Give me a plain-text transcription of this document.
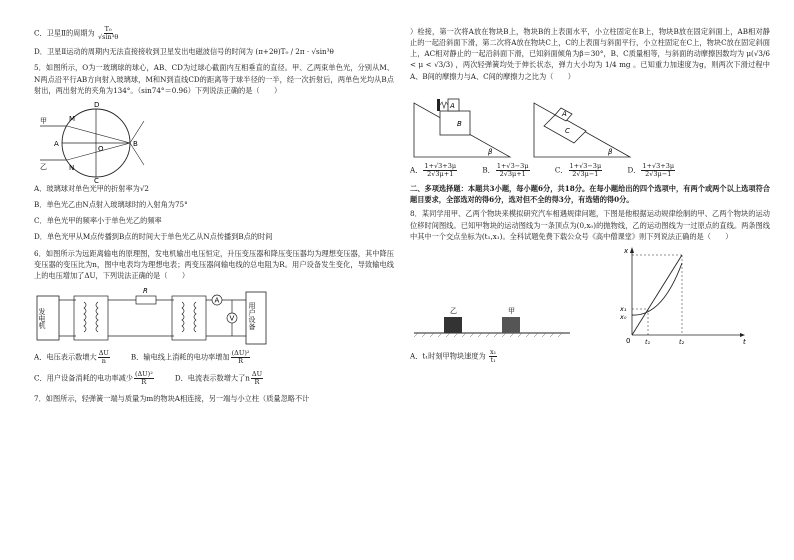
C．卫星Ⅱ的周期为 $\frac{\text{T₀}}{\text{√sin³θ}}$

D．卫星Ⅱ运动的周期内无法直接接收到卫星发出电磁波信号的时间为 (π+2θ)T₀ / 2π · √sin³θ

5．如图所示，O为一玻璃球的球心，AB、CD为过球心截面内互相垂直的直径。甲、乙两束单色光，分别从M、N两点沿平行AB方向射入玻璃球，M和N到直线CD的距离等于球半径的一半，经一次折射后，两单色光均从B点射出，两出射光的夹角为134°。（sin74°＝0.96）下列说法正确的是（　　）

D
M
A	B
O
N
C
甲
乙

A．玻璃球对单色光甲的折射率为√2

B．单色光乙由N点射入玻璃球时的入射角为75°

C．单色光甲的频率小于单色光乙的频率

D．单色光甲从M点传播到B点的时间大于单色光乙从N点传播到B点的时间

6．如图所示为远距离输电的原理图，发电机输出电压恒定，升压变压器和降压变压器均为理想变压器，其中降压变压器的变压比为n，图中电表均为理想电表；两变压器间输电线的总电阻为R。用户设备发生变化，导致输电线上的电压增加了ΔU，下列说法正确的是（　　）

发电机
R
A
V 用户设备
A．电压表示数增大 $\frac{\Delta U}{n}$	B．输电线上消耗的电功率增加 $\frac{\text{(ΔU)²}}{R}$
C．用户设备消耗的电功率减少 $\frac{\text{(ΔU)²}}{R}$	D．电流表示数增大了n $\frac{\Delta U}{R}$

7．如图所示，轻弹簧一端与质量为m的物块A相连接，另一端与小立柱（质量忽略不计

）栓接，第一次将A放在物块B上，物块B的上表面水平，小立柱固定在B上，物块B放在固定斜面上，AB相对静止的一起沿斜面下滑，第二次将A放在物块C上，C的上表面与斜面平行，小立柱固定在C上，物块C放在固定斜面上，AC相对静止的一起沿斜面下滑，已知斜面倾角为β＝30°，B、C质量相等，与斜面的动摩擦因数均为 μ(√3/6 < μ < √3/3) ，两次轻弹簧均处于伸长状态，弹力大小均为 1/4 mg 。已知重力加速度为g，则两次下滑过程中A、B间的摩擦力与A、C间的摩擦力之比为（　　）

A
B
β
A
C
β

A． $\frac{1+√3+3\mu}{2√3\mu+1}$	B． $\frac{1+√3-3\mu}{2√3\mu+1}$	C． $\frac{1+√3-3\mu}{2√3\mu-1}$	D． $\frac{1+√3+3\mu}{2√3\mu-1}$

二、多项选择题：本题共3小题，每小题6分，共18分。在每小题给出的四个选项中，有两个或两个以上选项符合题目要求，全部选对的得6分，选对但不全的得3分，有选错的得0分。

8．某同学用甲、乙两个物块来模拟研究汽车相遇规律问题，下图是他根据运动规律绘制的甲、乙两个物块的运动位移时间图线。已知甲物块的运动图线为一条顶点为(0,x₀)的抛物线，乙的运动图线为一过原点的直线。两条图线中其中一个交点坐标为(t₁,x₁)。全科试题免费下载公众号《高中僧课堂》则下列说法正确的是（　　）

乙	甲
x
x₁
x₀
0 t₁	t₂	t

A．t₁时刻甲物块速度为 $\frac{\text{x₁}}{\text{t₁}}$
